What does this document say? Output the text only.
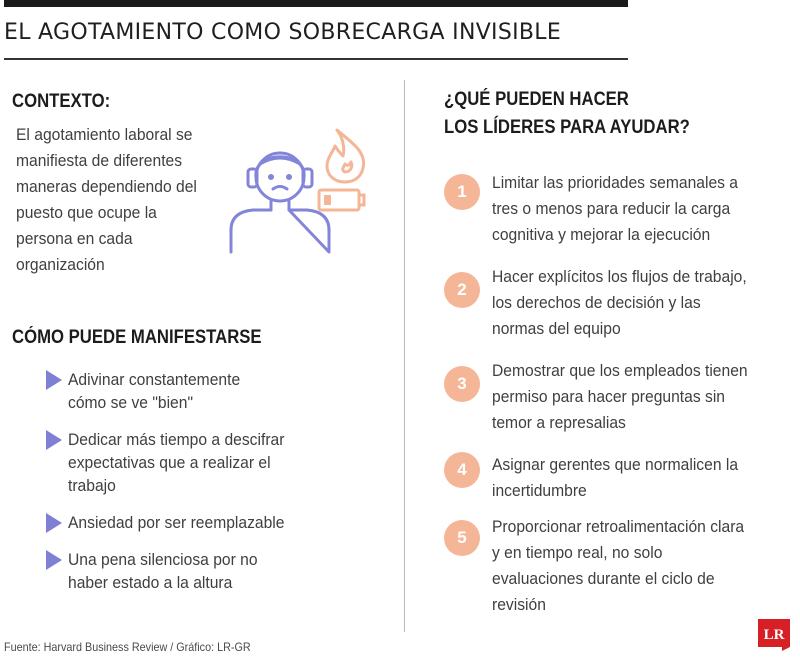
EL AGOTAMIENTO COMO SOBRECARGA INVISIBLE
CONTEXTO:
El agotamiento laboral se
manifiesta de diferentes
maneras dependiendo del
puesto que ocupe la
persona en cada
organización
CÓMO PUEDE MANIFESTARSE
Adivinar constantemente
cómo se ve "bien"
Dedicar más tiempo a descifrar
expectativas que a realizar el
trabajo
Ansiedad por ser reemplazable
Una pena silenciosa por no
haber estado a la altura
¿QUÉ PUEDEN HACER
LOS LÍDERES PARA AYUDAR?
1	Limitar las prioridades semanales a
tres o menos para reducir la carga
cognitiva y mejorar la ejecución
2
Hacer explícitos los flujos de trabajo,
los derechos de decisión y las
normas del equipo
3
Demostrar que los empleados tienen
permiso para hacer preguntas sin
temor a represalias
4	Asignar gerentes que normalicen la
incertidumbre
5
Proporcionar retroalimentación clara
y en tiempo real, no solo
evaluaciones durante el ciclo de
revisión
Fuente: Harvard Business Review / Gráfico: LR-GR
LR
